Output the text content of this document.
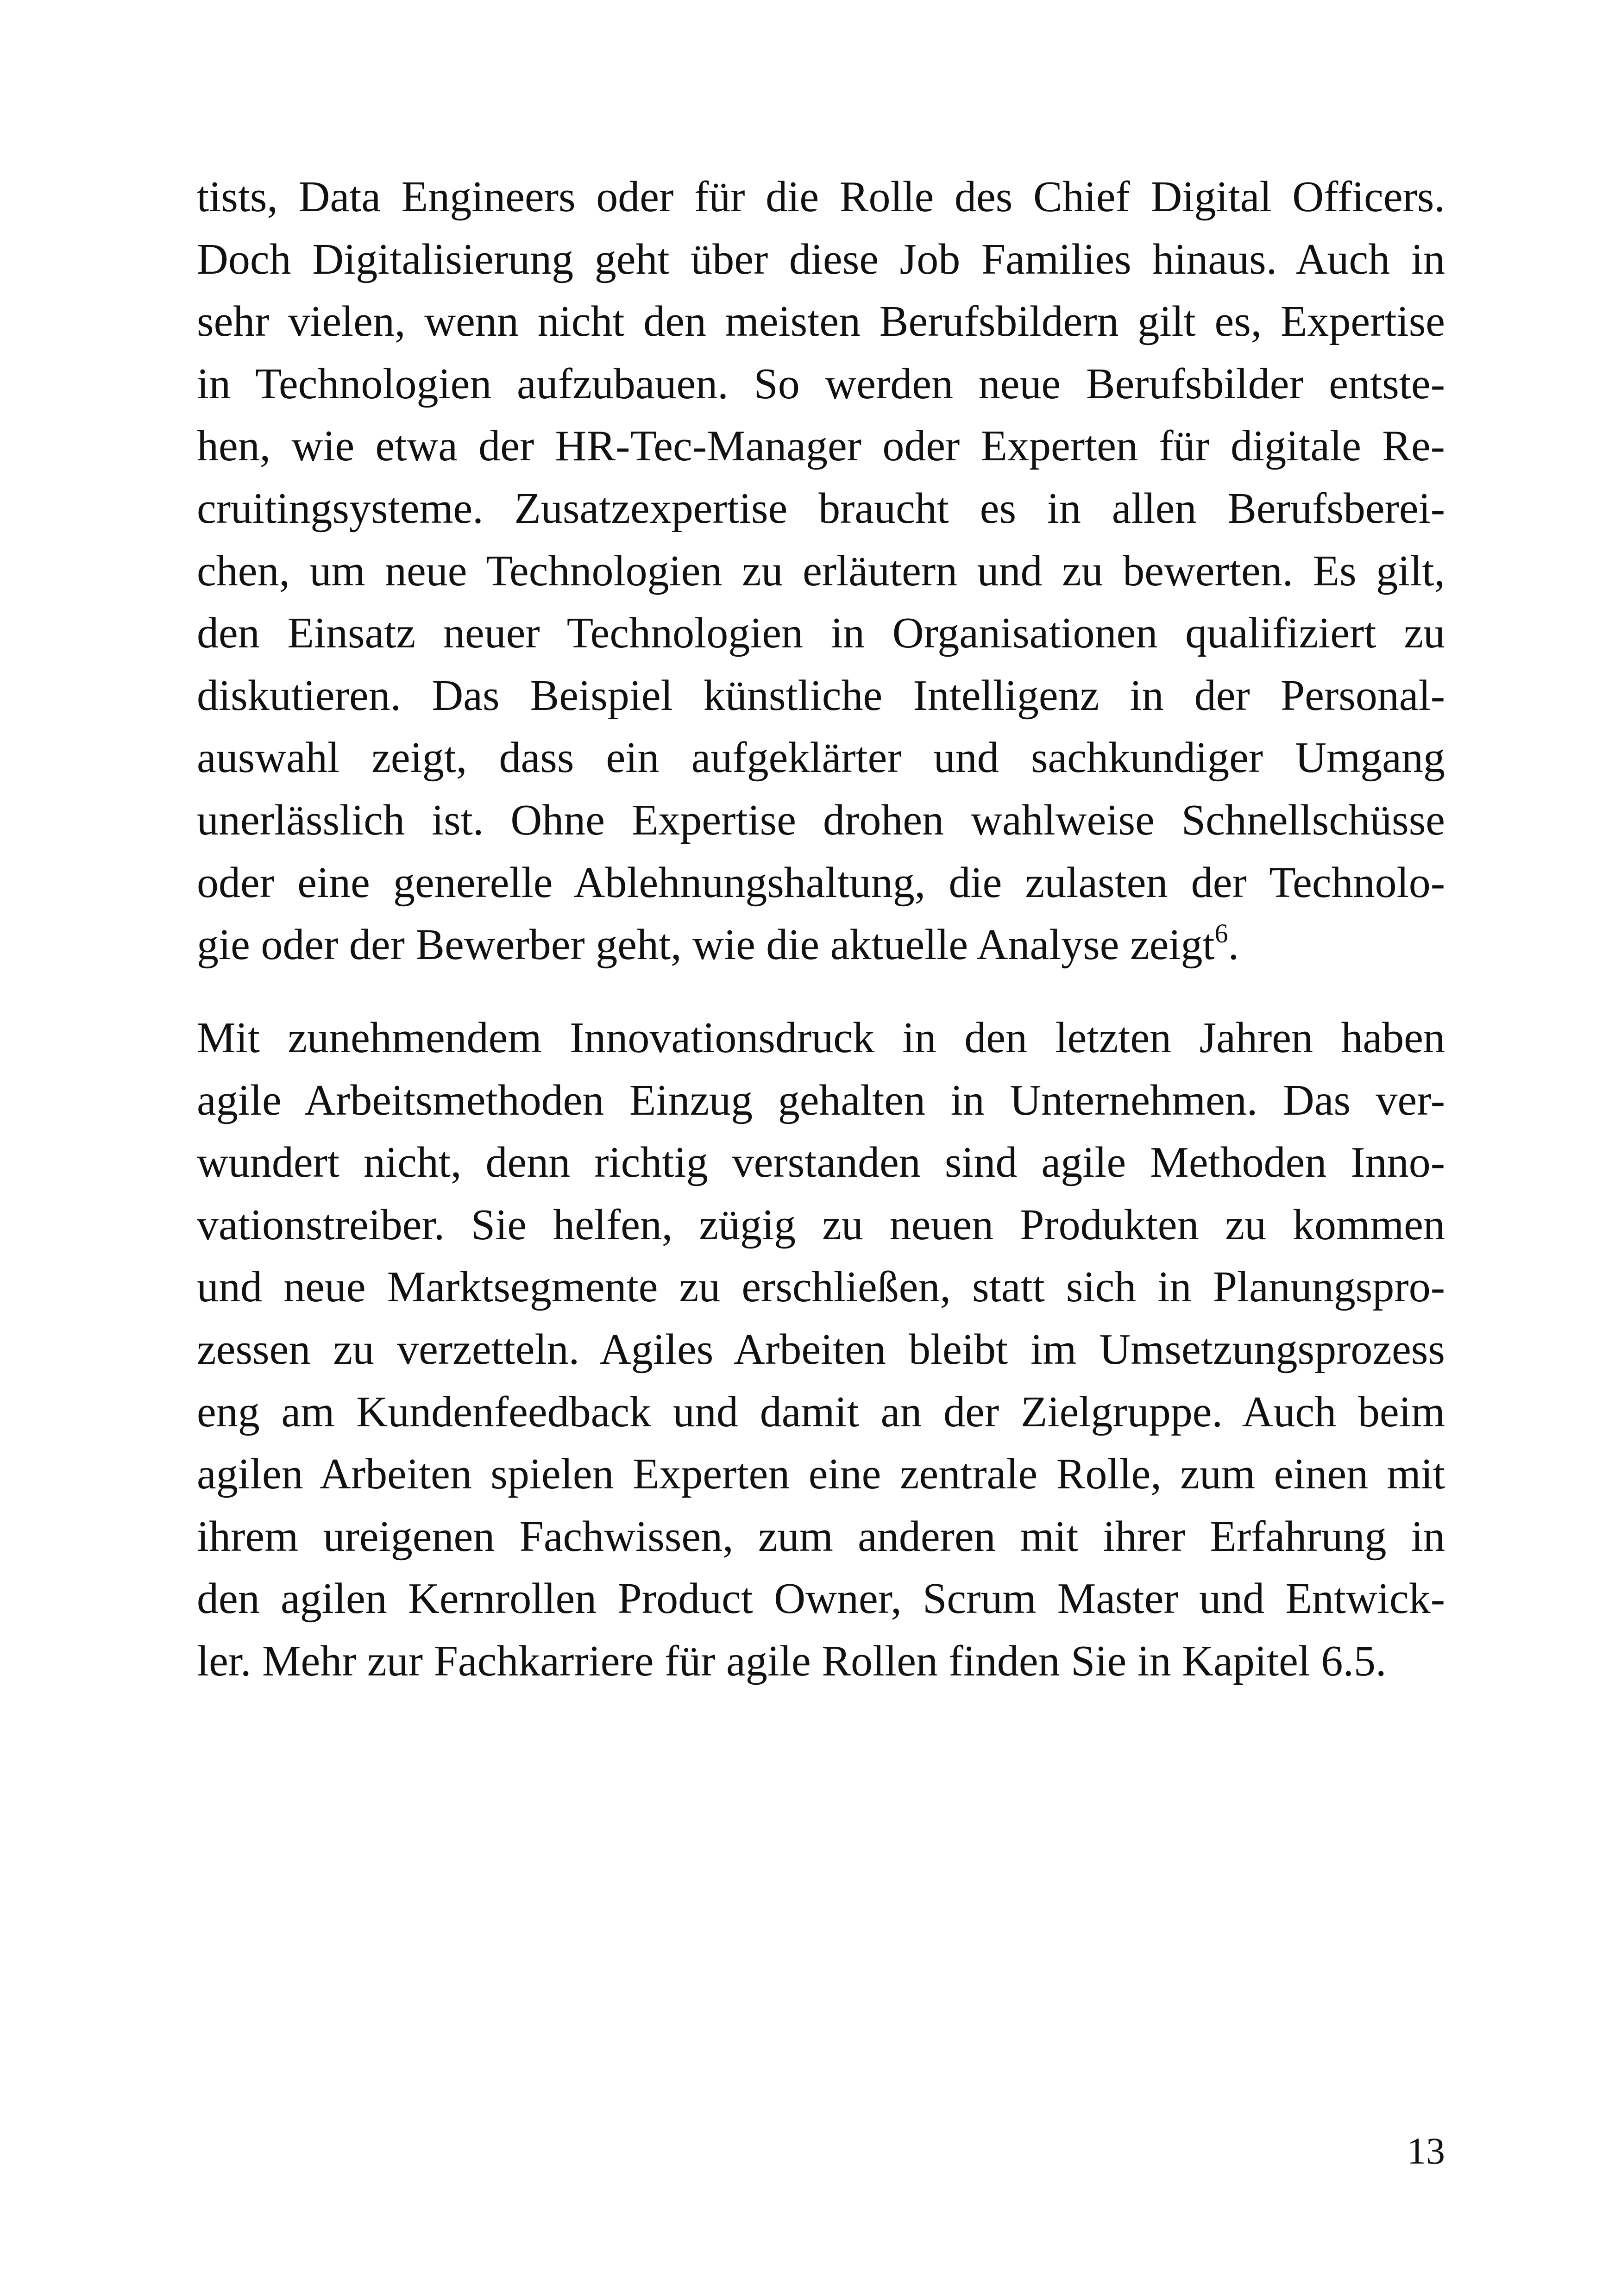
tists, Data Engineers oder für die Rolle des Chief Digital Officers.
Doch Digitalisierung geht über diese Job Families hinaus. Auch in
sehr vielen, wenn nicht den meisten Berufsbildern gilt es, Expertise
in Technologien aufzubauen. So werden neue Berufsbilder entste-
hen, wie etwa der HR-Tec-Manager oder Experten für digitale Re-
cruitingsysteme. Zusatzexpertise braucht es in allen Berufsberei-
chen, um neue Technologien zu erläutern und zu bewerten. Es gilt,
den Einsatz neuer Technologien in Organisationen qualifiziert zu
diskutieren. Das Beispiel künstliche Intelligenz in der Personal-
auswahl zeigt, dass ein aufgeklärter und sachkundiger Umgang
unerlässlich ist. Ohne Expertise drohen wahlweise Schnellschüsse
oder eine generelle Ablehnungshaltung, die zulasten der Technolo-
gie oder der Bewerber geht, wie die aktuelle Analyse zeigt$^6$.
Mit zunehmendem Innovationsdruck in den letzten Jahren haben
agile Arbeitsmethoden Einzug gehalten in Unternehmen. Das ver-
wundert nicht, denn richtig verstanden sind agile Methoden Inno-
vationstreiber. Sie helfen, zügig zu neuen Produkten zu kommen
und neue Marktsegmente zu erschließen, statt sich in Planungspro-
zessen zu verzetteln. Agiles Arbeiten bleibt im Umsetzungsprozess
eng am Kundenfeedback und damit an der Zielgruppe. Auch beim
agilen Arbeiten spielen Experten eine zentrale Rolle, zum einen mit
ihrem ureigenen Fachwissen, zum anderen mit ihrer Erfahrung in
den agilen Kernrollen Product Owner, Scrum Master und Entwick-
ler. Mehr zur Fachkarriere für agile Rollen finden Sie in Kapitel 6.5.
13
